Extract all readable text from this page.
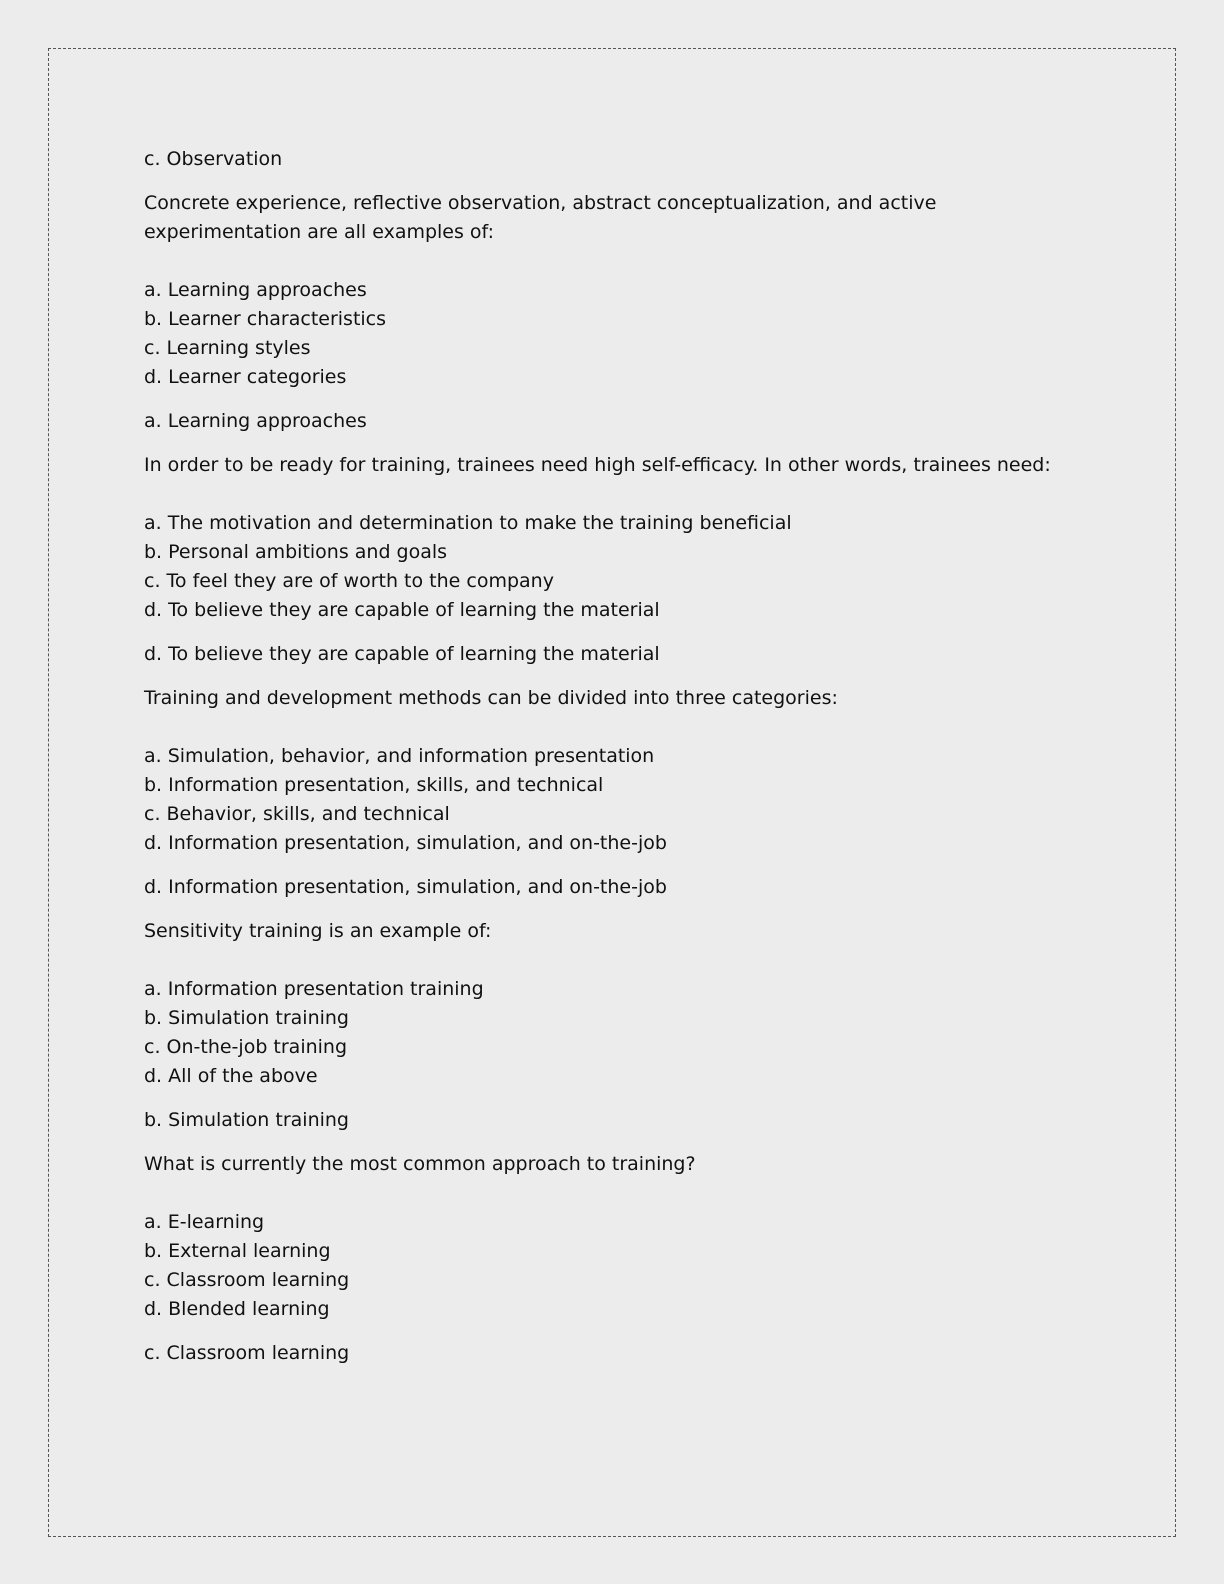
c. Observation

Concrete experience, reflective observation, abstract conceptualization, and active experimentation are all examples of:

a. Learning approaches
b. Learner characteristics
c. Learning styles
d. Learner categories

a. Learning approaches

In order to be ready for training, trainees need high self-efficacy. In other words, trainees need:

a. The motivation and determination to make the training beneficial
b. Personal ambitions and goals
c. To feel they are of worth to the company
d. To believe they are capable of learning the material

d. To believe they are capable of learning the material

Training and development methods can be divided into three categories:

a. Simulation, behavior, and information presentation
b. Information presentation, skills, and technical
c. Behavior, skills, and technical
d. Information presentation, simulation, and on-the-job

d. Information presentation, simulation, and on-the-job

Sensitivity training is an example of:

a. Information presentation training
b. Simulation training
c. On-the-job training
d. All of the above

b. Simulation training

What is currently the most common approach to training?

a. E-learning
b. External learning
c. Classroom learning
d. Blended learning

c. Classroom learning
